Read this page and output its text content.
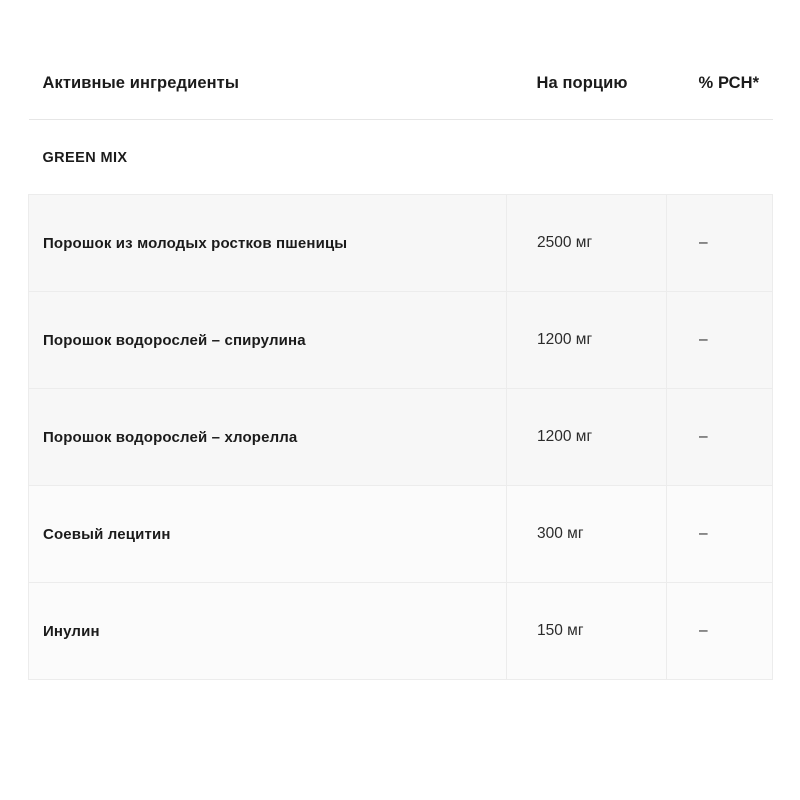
Активные ингредиенты	На порцию	% РСН*
GREEN MIX		
Порошок из молодых ростков пшеницы	2500 мг	–
Порошок водорослей – спирулина	1200 мг	–
Порошок водорослей – хлорелла	1200 мг	–
Соевый лецитин	300 мг	–
Инулин	150 мг	–
